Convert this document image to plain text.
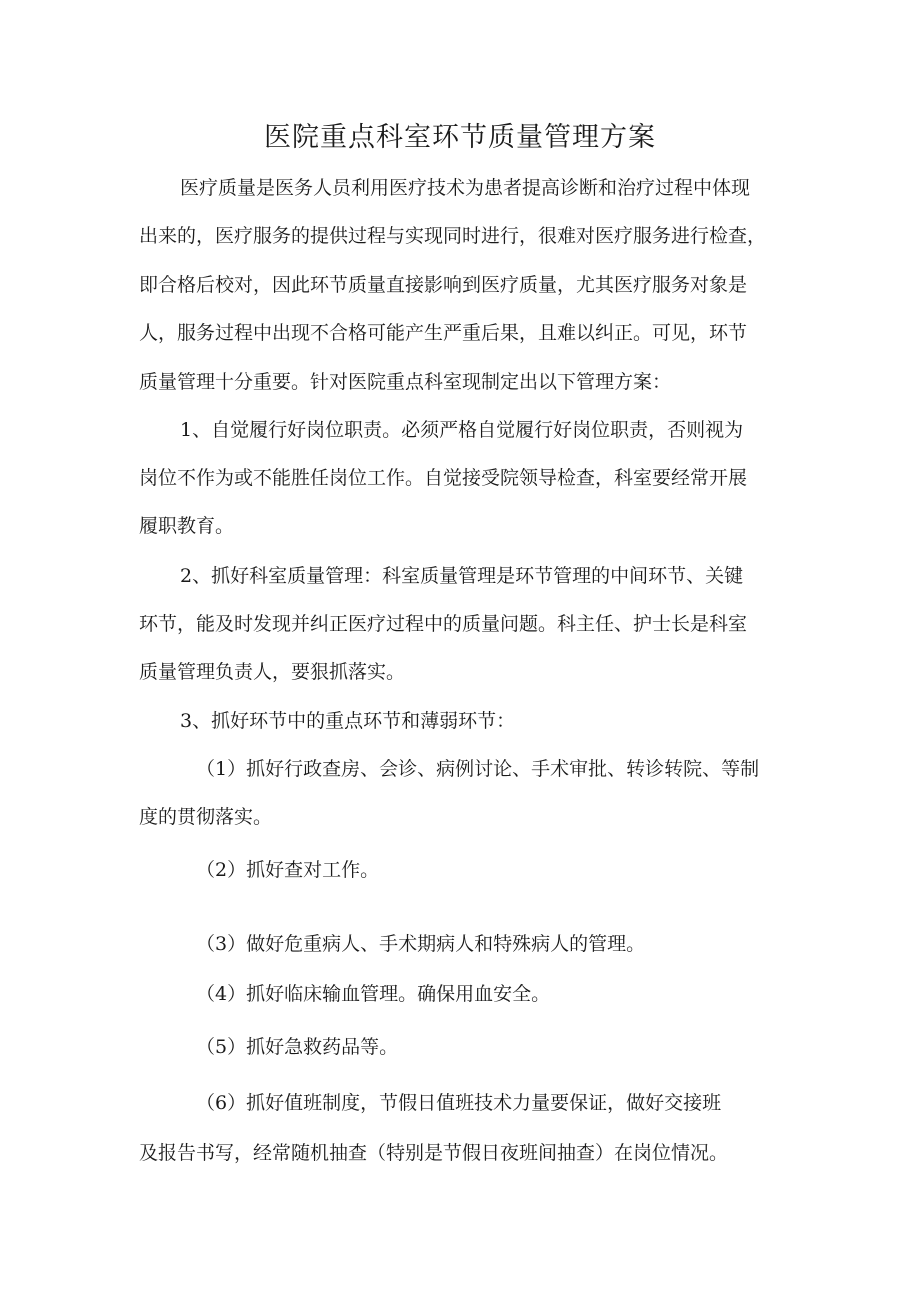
医院重点科室环节质量管理方案

医疗质量是医务人员利用医疗技术为患者提高诊断和治疗过程中体现

出来的，医疗服务的提供过程与实现同时进行，很难对医疗服务进行检查，

即合格后校对，因此环节质量直接影响到医疗质量，尤其医疗服务对象是

人，服务过程中出现不合格可能产生严重后果，且难以纠正。可见，环节

质量管理十分重要。针对医院重点科室现制定出以下管理方案：

1、自觉履行好岗位职责。必须严格自觉履行好岗位职责，否则视为

岗位不作为或不能胜任岗位工作。自觉接受院领导检查，科室要经常开展

履职教育。

2、抓好科室质量管理：科室质量管理是环节管理的中间环节、关键

环节，能及时发现并纠正医疗过程中的质量问题。科主任、护士长是科室

质量管理负责人，要狠抓落实。

3、抓好环节中的重点环节和薄弱环节：

（1）抓好行政查房、会诊、病例讨论、手术审批、转诊转院、等制

度的贯彻落实。

（2）抓好查对工作。

（3）做好危重病人、手术期病人和特殊病人的管理。

（4）抓好临床输血管理。确保用血安全。

（5）抓好急救药品等。

（6）抓好值班制度，节假日值班技术力量要保证，做好交接班

及报告书写，经常随机抽查（特别是节假日夜班间抽查）在岗位情况。
